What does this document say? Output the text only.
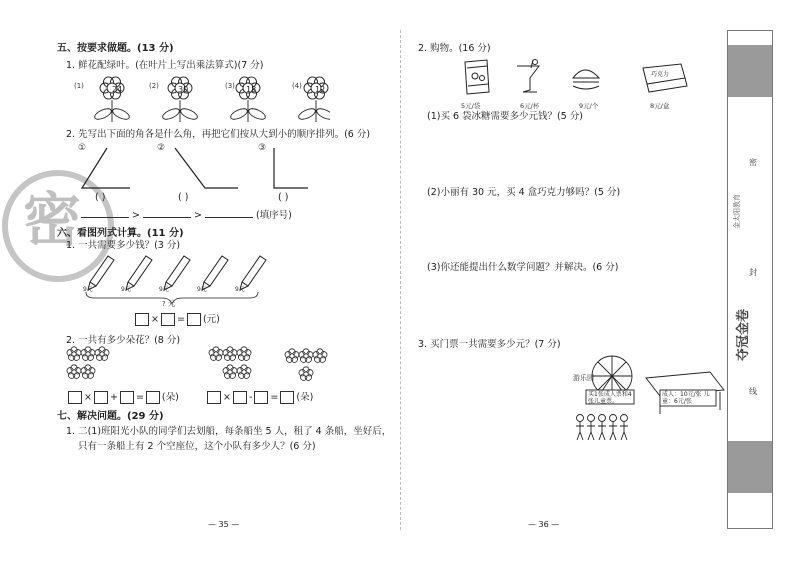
密
五、按要求做题。(13 分)
1. 鲜花配绿叶。(在叶片上写出乘法算式)(7 分)
(1)	(2)	(3)	(4)
24	30	18	12
2. 先写出下面的角各是什么角，再把它们按从大到小的顺序排列。(6 分)
①	②	③
( )	( )	( )
>	>	(填序号)
六、看图列式计算。(11 分)
1. 一共需要多少钱？(3 分)
9元	9元	9元	9元	9元
? 元
× = (元)
2. 一共有多少朵花？(8 分)
× + = (朵)	× - = (朵)
七、解决问题。(29 分)
1. 二(1)班阳光小队的同学们去划船，每条船坐 5 人，租了 4 条船，坐好后，
只有一条船上有 2 个空座位，这个小队有多少人？(6 分)
— 35 —
2. 购物。(16 分)
巧克力
5元/袋	6元/杯	9元/个	8元/盒
(1)买 6 袋冰糖需要多少元钱？(5 分)
(2)小丽有 30 元，买 4 盒巧克力够吗？(5 分)
(3)你还能提出什么数学问题？并解决。(6 分)
3. 买门票一共需要多少元？(7 分)
游乐园
买1张成人票和4张儿童票。
成人：10元/张 儿童：6元/张
— 36 —
密
封
线
金太阳教育
夺冠金卷
